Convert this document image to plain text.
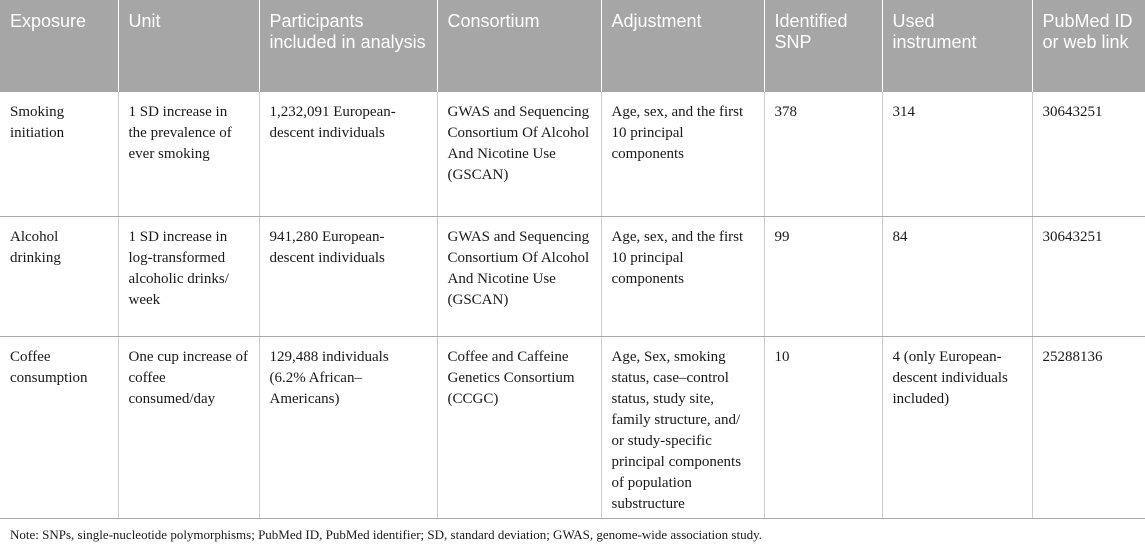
Exposure	Unit	Participants included in analysis	Consortium	Adjustment	Identified SNP	Used instrument	PubMed ID or web link
Smoking initiation	1 SD increase in the prevalence of ever smoking	1,232,091 European-descent individuals	GWAS and Sequencing Consortium Of Alcohol And Nicotine Use (GSCAN)	Age, sex, and the first 10 principal components	378	314	30643251
Alcohol drinking	1 SD increase in log-transformed alcoholic drinks/ week	941,280 European-descent individuals	GWAS and Sequencing Consortium Of Alcohol And Nicotine Use (GSCAN)	Age, sex, and the first 10 principal components	99	84	30643251
Coffee consumption	One cup increase of coffee consumed/day	129,488 individuals (6.2% African–Americans)	Coffee and Caffeine Genetics Consortium (CCGC)	Age, Sex, smoking status, case–control status, study site, family structure, and/ or study-specific principal components of population substructure	10	4 (only European-descent individuals included)	25288136

Note: SNPs, single-nucleotide polymorphisms; PubMed ID, PubMed identifier; SD, standard deviation; GWAS, genome-wide association study.
